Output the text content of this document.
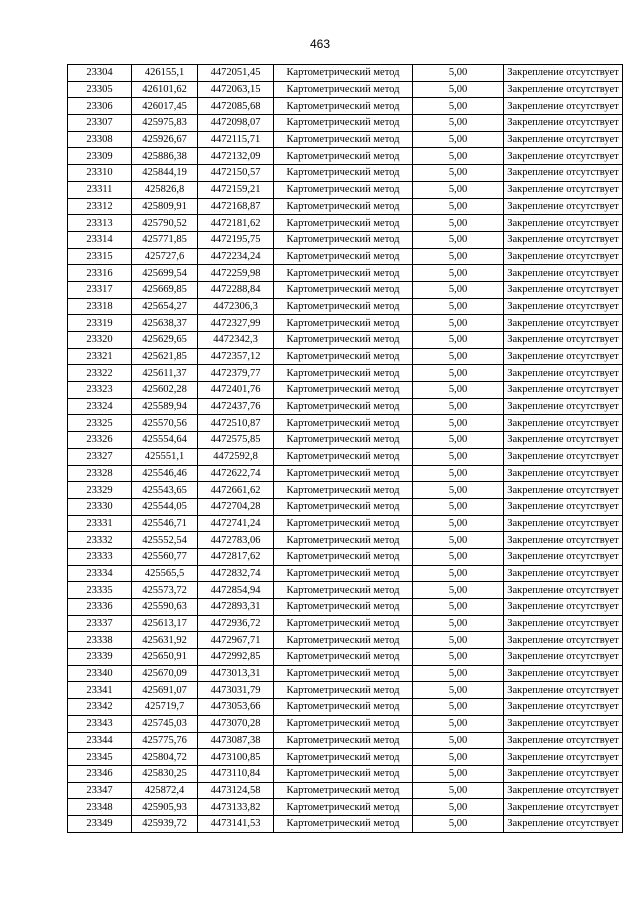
463
23304	426155,1	4472051,45	Картометрический метод	5,00	Закрепление отсутствует
23305	426101,62	4472063,15	Картометрический метод	5,00	Закрепление отсутствует
23306	426017,45	4472085,68	Картометрический метод	5,00	Закрепление отсутствует
23307	425975,83	4472098,07	Картометрический метод	5,00	Закрепление отсутствует
23308	425926,67	4472115,71	Картометрический метод	5,00	Закрепление отсутствует
23309	425886,38	4472132,09	Картометрический метод	5,00	Закрепление отсутствует
23310	425844,19	4472150,57	Картометрический метод	5,00	Закрепление отсутствует
23311	425826,8	4472159,21	Картометрический метод	5,00	Закрепление отсутствует
23312	425809,91	4472168,87	Картометрический метод	5,00	Закрепление отсутствует
23313	425790,52	4472181,62	Картометрический метод	5,00	Закрепление отсутствует
23314	425771,85	4472195,75	Картометрический метод	5,00	Закрепление отсутствует
23315	425727,6	4472234,24	Картометрический метод	5,00	Закрепление отсутствует
23316	425699,54	4472259,98	Картометрический метод	5,00	Закрепление отсутствует
23317	425669,85	4472288,84	Картометрический метод	5,00	Закрепление отсутствует
23318	425654,27	4472306,3	Картометрический метод	5,00	Закрепление отсутствует
23319	425638,37	4472327,99	Картометрический метод	5,00	Закрепление отсутствует
23320	425629,65	4472342,3	Картометрический метод	5,00	Закрепление отсутствует
23321	425621,85	4472357,12	Картометрический метод	5,00	Закрепление отсутствует
23322	425611,37	4472379,77	Картометрический метод	5,00	Закрепление отсутствует
23323	425602,28	4472401,76	Картометрический метод	5,00	Закрепление отсутствует
23324	425589,94	4472437,76	Картометрический метод	5,00	Закрепление отсутствует
23325	425570,56	4472510,87	Картометрический метод	5,00	Закрепление отсутствует
23326	425554,64	4472575,85	Картометрический метод	5,00	Закрепление отсутствует
23327	425551,1	4472592,8	Картометрический метод	5,00	Закрепление отсутствует
23328	425546,46	4472622,74	Картометрический метод	5,00	Закрепление отсутствует
23329	425543,65	4472661,62	Картометрический метод	5,00	Закрепление отсутствует
23330	425544,05	4472704,28	Картометрический метод	5,00	Закрепление отсутствует
23331	425546,71	4472741,24	Картометрический метод	5,00	Закрепление отсутствует
23332	425552,54	4472783,06	Картометрический метод	5,00	Закрепление отсутствует
23333	425560,77	4472817,62	Картометрический метод	5,00	Закрепление отсутствует
23334	425565,5	4472832,74	Картометрический метод	5,00	Закрепление отсутствует
23335	425573,72	4472854,94	Картометрический метод	5,00	Закрепление отсутствует
23336	425590,63	4472893,31	Картометрический метод	5,00	Закрепление отсутствует
23337	425613,17	4472936,72	Картометрический метод	5,00	Закрепление отсутствует
23338	425631,92	4472967,71	Картометрический метод	5,00	Закрепление отсутствует
23339	425650,91	4472992,85	Картометрический метод	5,00	Закрепление отсутствует
23340	425670,09	4473013,31	Картометрический метод	5,00	Закрепление отсутствует
23341	425691,07	4473031,79	Картометрический метод	5,00	Закрепление отсутствует
23342	425719,7	4473053,66	Картометрический метод	5,00	Закрепление отсутствует
23343	425745,03	4473070,28	Картометрический метод	5,00	Закрепление отсутствует
23344	425775,76	4473087,38	Картометрический метод	5,00	Закрепление отсутствует
23345	425804,72	4473100,85	Картометрический метод	5,00	Закрепление отсутствует
23346	425830,25	4473110,84	Картометрический метод	5,00	Закрепление отсутствует
23347	425872,4	4473124,58	Картометрический метод	5,00	Закрепление отсутствует
23348	425905,93	4473133,82	Картометрический метод	5,00	Закрепление отсутствует
23349	425939,72	4473141,53	Картометрический метод	5,00	Закрепление отсутствует
